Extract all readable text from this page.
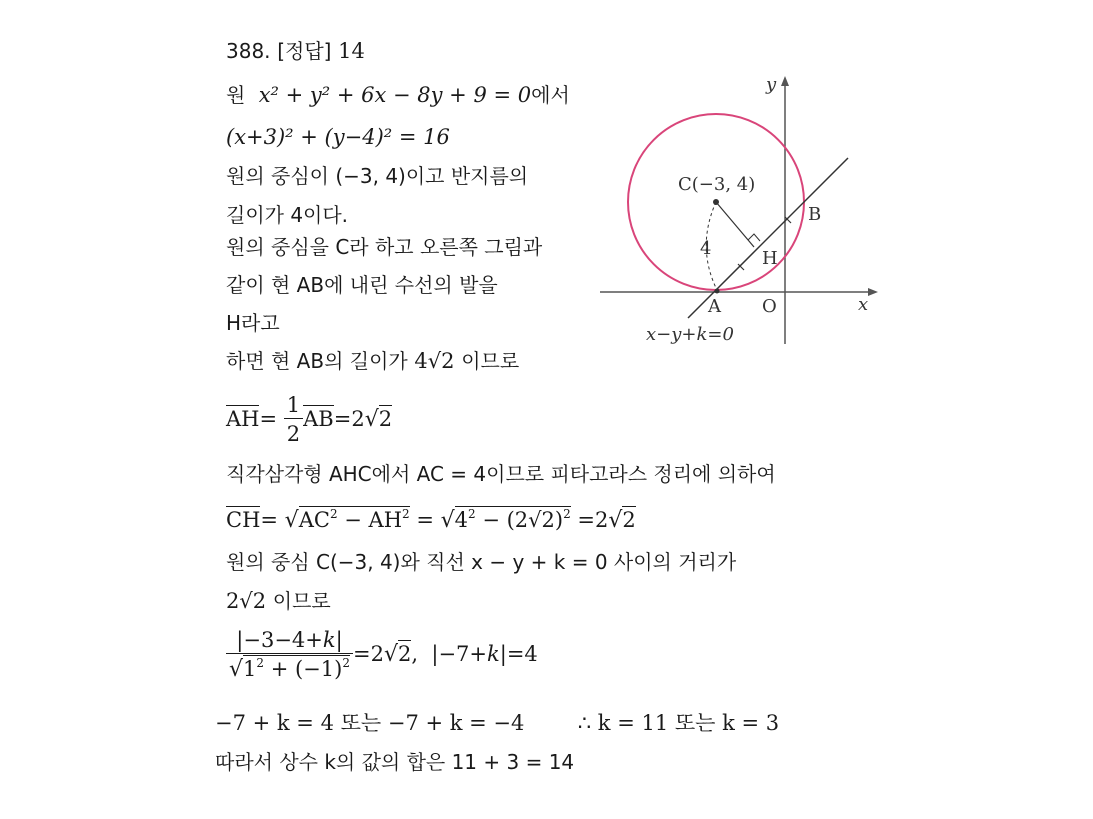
388. [정답] 14
원 x² + y² + 6x − 8y + 9 = 0에서
(x+3)² + (y−4)² = 16
원의 중심이 (−3, 4)이고 반지름의
길이가 4이다.
원의 중심을 C라 하고 오른쪽 그림과
같이 현 AB에 내린 수선의 발을
H라고
하면 현 AB의 길이가 4√2 이므로
$AH= \frac{1}{2} AB=2√2$
직각삼각형 AHC에서 AC = 4이므로 피타고라스 정리에 의하여
$CH= √AC^2 - AH^2 = √4^2 - (2√2)^2 =2√2$
원의 중심 C(−3, 4)와 직선 x − y + k = 0 사이의 거리가
2√2 이므로
$\frac{|-3-4+k|}{√1^2 + (-1)^2} =2√2$,  |−7+k|=4
−7 + k = 4 또는 −7 + k = −4	∴ k = 11 또는 k = 3
따라서 상수 k의 값의 합은 11 + 3 = 14
C(−3, 4)
B
H
A O	x
y
4
x−y+k=0
